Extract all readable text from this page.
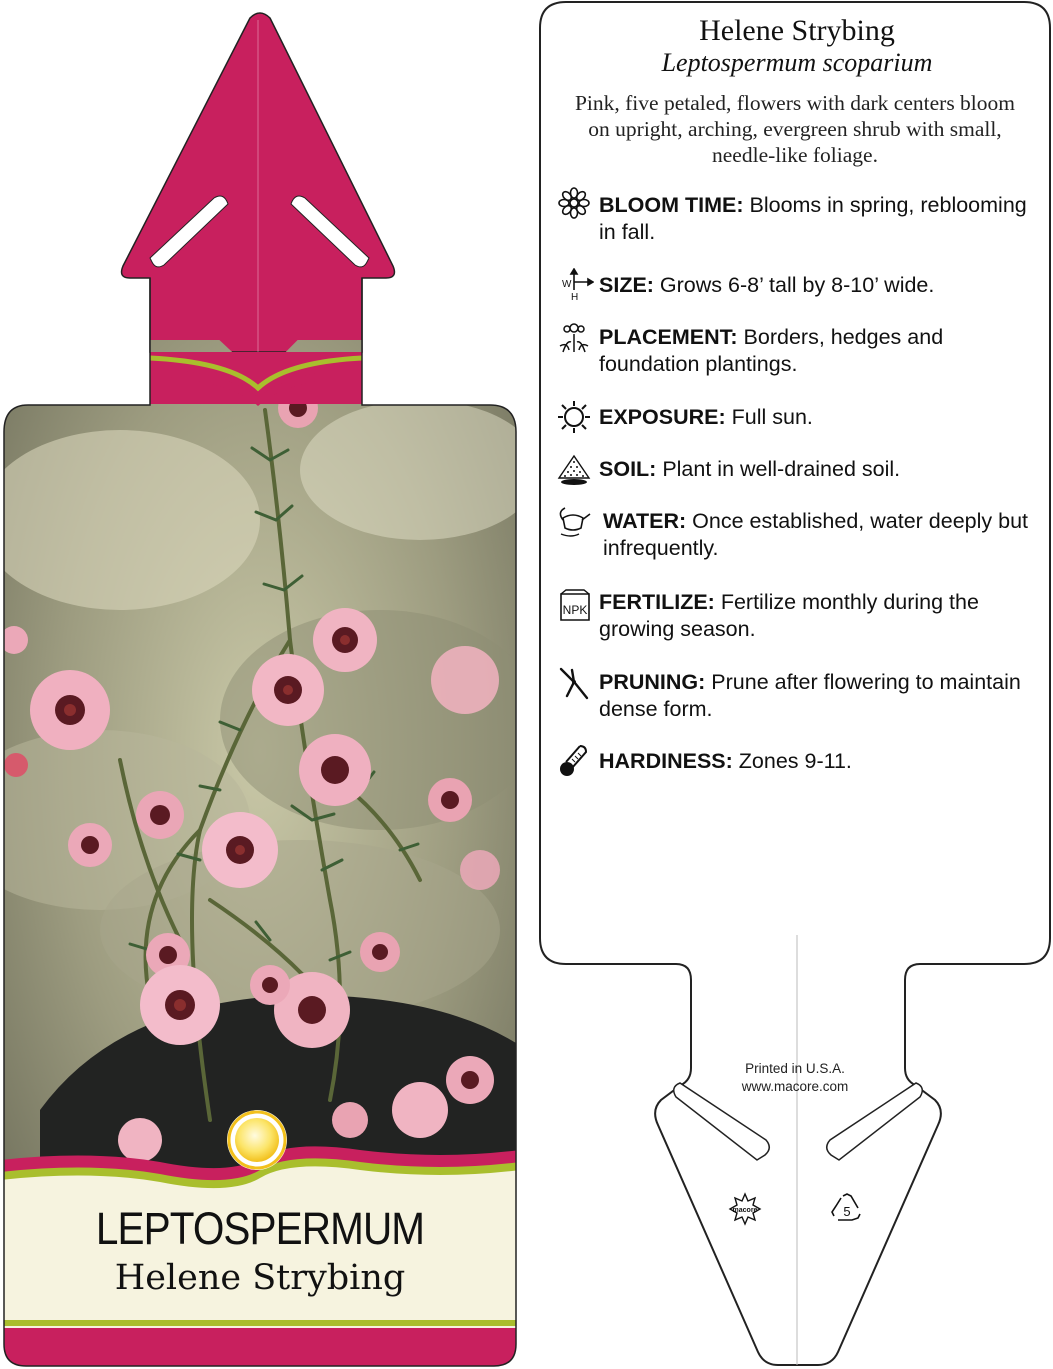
LEPTOSPERMUM
Helene Strybing
Helene Strybing
Leptospermum scoparium
Pink, five petaled, flowers with dark centers bloom on upright, arching, evergreen shrub with small, needle-like foliage.
BLOOM TIME: Blooms in spring, reblooming in fall.
W
H
SIZE: Grows 6-8’ tall by 8-10’ wide.
PLACEMENT: Borders, hedges and foundation plantings.
EXPOSURE: Full sun.
SOIL: Plant in well-drained soil.
WATER: Once established, water deeply but infrequently.
NPK FERTILIZE: Fertilize monthly during the growing season.
PRUNING: Prune after flowering to maintain dense form.
HARDINESS: Zones 9-11.
Printed in U.S.A.
www.macore.com
macore	5
